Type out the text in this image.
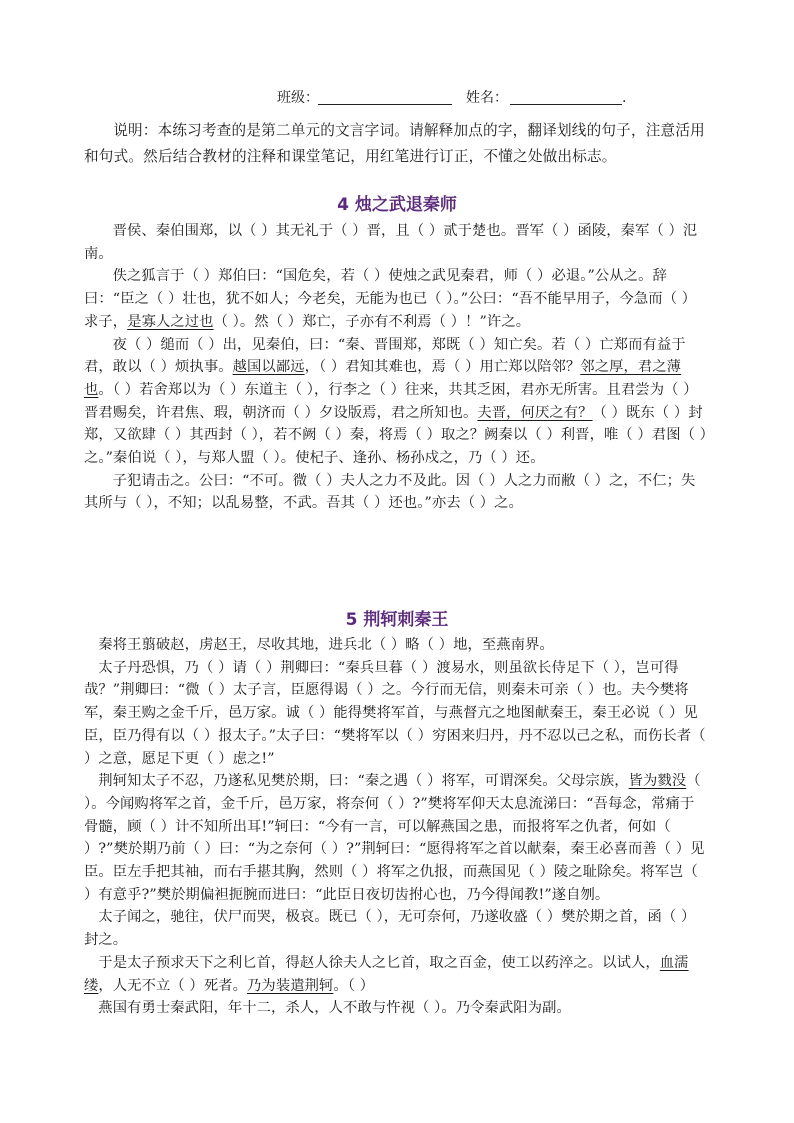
班级：	姓名：	.
说明：本练习考查的是第二单元的文言字词。请解释加点的字，翻译划线的句子，注意活用和句式。然后结合教材的注释和课堂笔记，用红笔进行订正，不懂之处做出标志。
4 烛之武退秦师

晋侯、秦伯围郑，以（ ）其无礼于（ ）晋，且（ ）贰于楚也。晋军（ ）函陵，秦军（ ）氾南。

佚之狐言于（ ）郑伯曰：“国危矣，若（ ）使烛之武见秦君，师（ ）必退。”公从之。辞曰：“臣之（ ）壮也，犹不如人；今老矣，无能为也已（ ）。”公曰：“吾不能早用子，今急而（ ）求子，是寡人之过也（ ）。然（ ）郑亡，子亦有不利焉（ ）！”许之。

夜（ ）缒而（ ）出，见秦伯，曰：“秦、晋围郑，郑既（ ）知亡矣。若（ ）亡郑而有益于君，敢以（ ）烦执事。越国以鄙远，（ ）君知其难也，焉（ ）用亡郑以陪邻？邻之厚，君之薄也。（ ）若舍郑以为（ ）东道主（ ），行李之（ ）往来，共其乏困，君亦无所害。且君尝为（ ）晋君赐矣，许君焦、瑕，朝济而（ ）夕设版焉，君之所知也。夫晋，何厌之有？（ ）既东（ ）封郑，又欲肆（ ）其西封（ ），若不阙（ ）秦，将焉（ ）取之？阙秦以（ ）利晋，唯（ ）君图（ ）之。”秦伯说（ ），与郑人盟（ ）。使杞子、逢孙、杨孙戍之，乃（ ）还。

子犯请击之。公曰：“不可。微（ ）夫人之力不及此。因（ ）人之力而敝（ ）之，不仁；失其所与（ ），不知；以乱易整，不武。吾其（ ）还也。”亦去（ ）之。

5 荆轲刺秦王

秦将王翦破赵，虏赵王，尽收其地，进兵北（ ）略（ ）地，至燕南界。

太子丹恐惧，乃（ ）请（ ）荆卿曰：“秦兵旦暮（ ）渡易水，则虽欲长侍足下（ ），岂可得哉？”荆卿曰：“微（ ）太子言，臣愿得谒（ ）之。今行而无信，则秦未可亲（ ）也。夫今樊将军，秦王购之金千斤，邑万家。诚（ ）能得樊将军首，与燕督亢之地图献秦王，秦王必说（ ）见臣，臣乃得有以（ ）报太子。”太子曰：“樊将军以（ ）穷困来归丹，丹不忍以己之私，而伤长者（ ）之意，愿足下更（ ）虑之!”

荆轲知太子不忍，乃遂私见樊於期，曰：“秦之遇（ ）将军，可谓深矣。父母宗族，皆为戮没（ ）。今闻购将军之首，金千斤，邑万家，将奈何（ ）?”樊将军仰天太息流涕曰：“吾每念，常痛于骨髓，顾（ ）计不知所出耳!”轲曰：“今有一言，可以解燕国之患，而报将军之仇者，何如（ ）?”樊於期乃前（ ）曰：“为之奈何（ ）?”荆轲曰：“愿得将军之首以献秦，秦王必喜而善（ ）见臣。臣左手把其袖，而右手揕其胸，然则（ ）将军之仇报，而燕国见（ ）陵之耻除矣。将军岂（ ）有意乎?”樊於期偏袒扼腕而进曰：“此臣日夜切齿拊心也，乃今得闻教!”遂自刎。

太子闻之，驰往，伏尸而哭，极哀。既已（ ），无可奈何，乃遂收盛（ ）樊於期之首，函（ ）封之。

于是太子预求天下之利匕首，得赵人徐夫人之匕首，取之百金，使工以药淬之。以试人，血濡缕，人无不立（ ）死者。乃为装遣荆轲。（ ）

燕国有勇士秦武阳，年十二，杀人，人不敢与忤视（ ）。乃令秦武阳为副。
